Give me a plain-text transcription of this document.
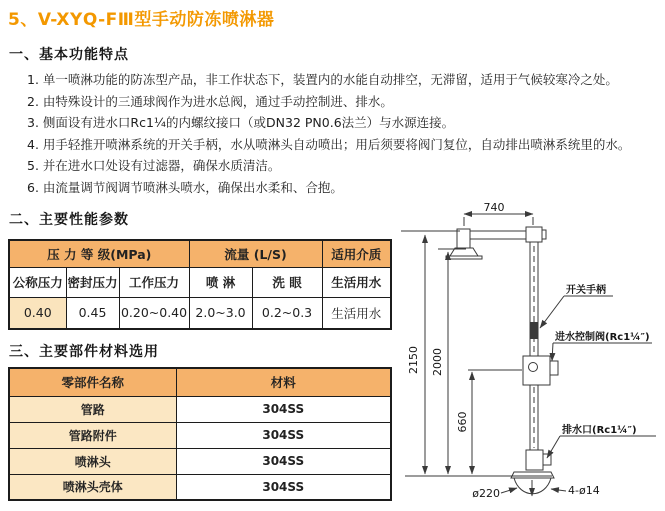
5、V-XYQ-FⅢ型手动防冻喷淋器
一、基本功能特点
1. 单一喷淋功能的防冻型产品，非工作状态下，装置内的水能自动排空，无滞留，适用于气候较寒冷之处。
2. 由特殊设计的三通球阀作为进水总阀，通过手动控制进、排水。
3. 侧面设有进水口Rc1¼的内螺纹接口（或DN32 PN0.6法兰）与水源连接。
4. 用手轻推开喷淋系统的开关手柄，水从喷淋头自动喷出；用后须要将阀门复位，自动排出喷淋系统里的水。
5. 并在进水口处设有过滤器，确保水质清洁。
6. 由流量调节阀调节喷淋头喷水，确保出水柔和、合抱。
二、主要性能参数
压 力 等 级(MPa)			流量 (L/S)		适用介质
公称压力	密封压力	工作压力	喷 淋	洗 眼	生活用水
0.40	0.45	0.20~0.40	2.0~3.0	0.2~0.3	生活用水
三、主要部件材料选用
零部件名称	材料
管路	304SS
管路附件	304SS
喷淋头	304SS
喷淋头壳体	304SS
740
2150 2000
660
开关手柄
进水控制阀(Rc1¼″)
排水口(Rc1¼″)
ø220	4-ø14
